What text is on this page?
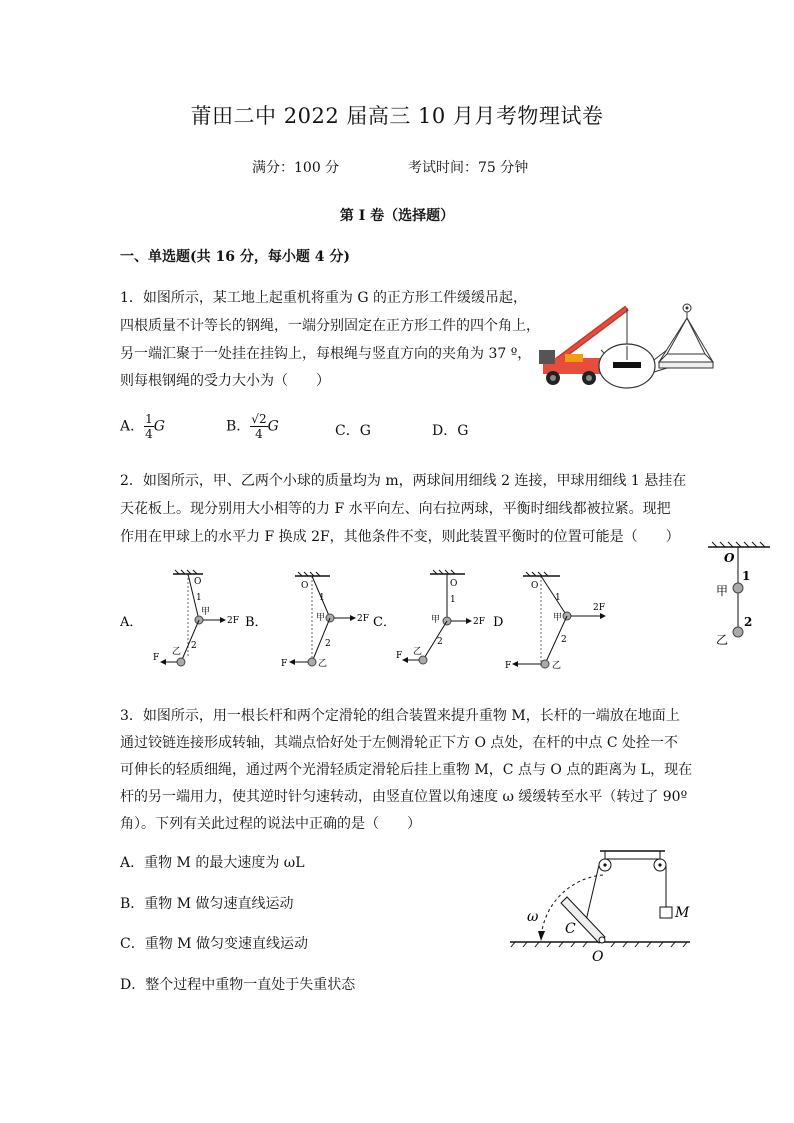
莆田二中 2022 届高三 10 月月考物理试卷
满分：100 分	考试时间：75 分钟
第 I 卷（选择题）
一、单选题(共 16 分，每小题 4 分)
1．如图所示，某工地上起重机将重为 G 的正方形工件缓缓吊起，
四根质量不计等长的钢绳，一端分别固定在正方形工件的四个角上，
另一端汇聚于一处挂在挂钩上，每根绳与竖直方向的夹角为 37 º，
则每根钢绳的受力大小为（　　）
A． $\frac{1}{4}$ G	B． $\frac{√2}{4}$ G	C．G	D．G
2．如图所示，甲、乙两个小球的质量均为 m，两球间用细线 2 连接，甲球用细线 1 悬挂在
天花板上。现分别用大小相等的力 F 水平向左、向右拉两球，平衡时细线都被拉紧。现把
作用在甲球上的水平力 F 换成 2F，其他条件不变，则此装置平衡时的位置可能是（　　）
A．
O
1
甲
2F
2
乙
F
B．
O
1
甲	2F
2
乙
F
C．
O
1
甲	2F
2
乙
F
D
O
1
甲
2F
2
乙
F
O
1
甲
2
乙
3．如图所示，用一根长杆和两个定滑轮的组合装置来提升重物 M，长杆的一端放在地面上
通过铰链连接形成转轴，其端点恰好处于左侧滑轮正下方 O 点处，在杆的中点 C 处拴一不
可伸长的轻质细绳，通过两个光滑轻质定滑轮后挂上重物 M，C 点与 O 点的距离为 L，现在
杆的另一端用力，使其逆时针匀速转动，由竖直位置以角速度 ω 缓缓转至水平（转过了 90º
角）。下列有关此过程的说法中正确的是（　　）
A．重物 M 的最大速度为 ωL
B．重物 M 做匀速直线运动
C．重物 M 做匀变速直线运动
D．整个过程中重物一直处于失重状态
ω
C
O
M
